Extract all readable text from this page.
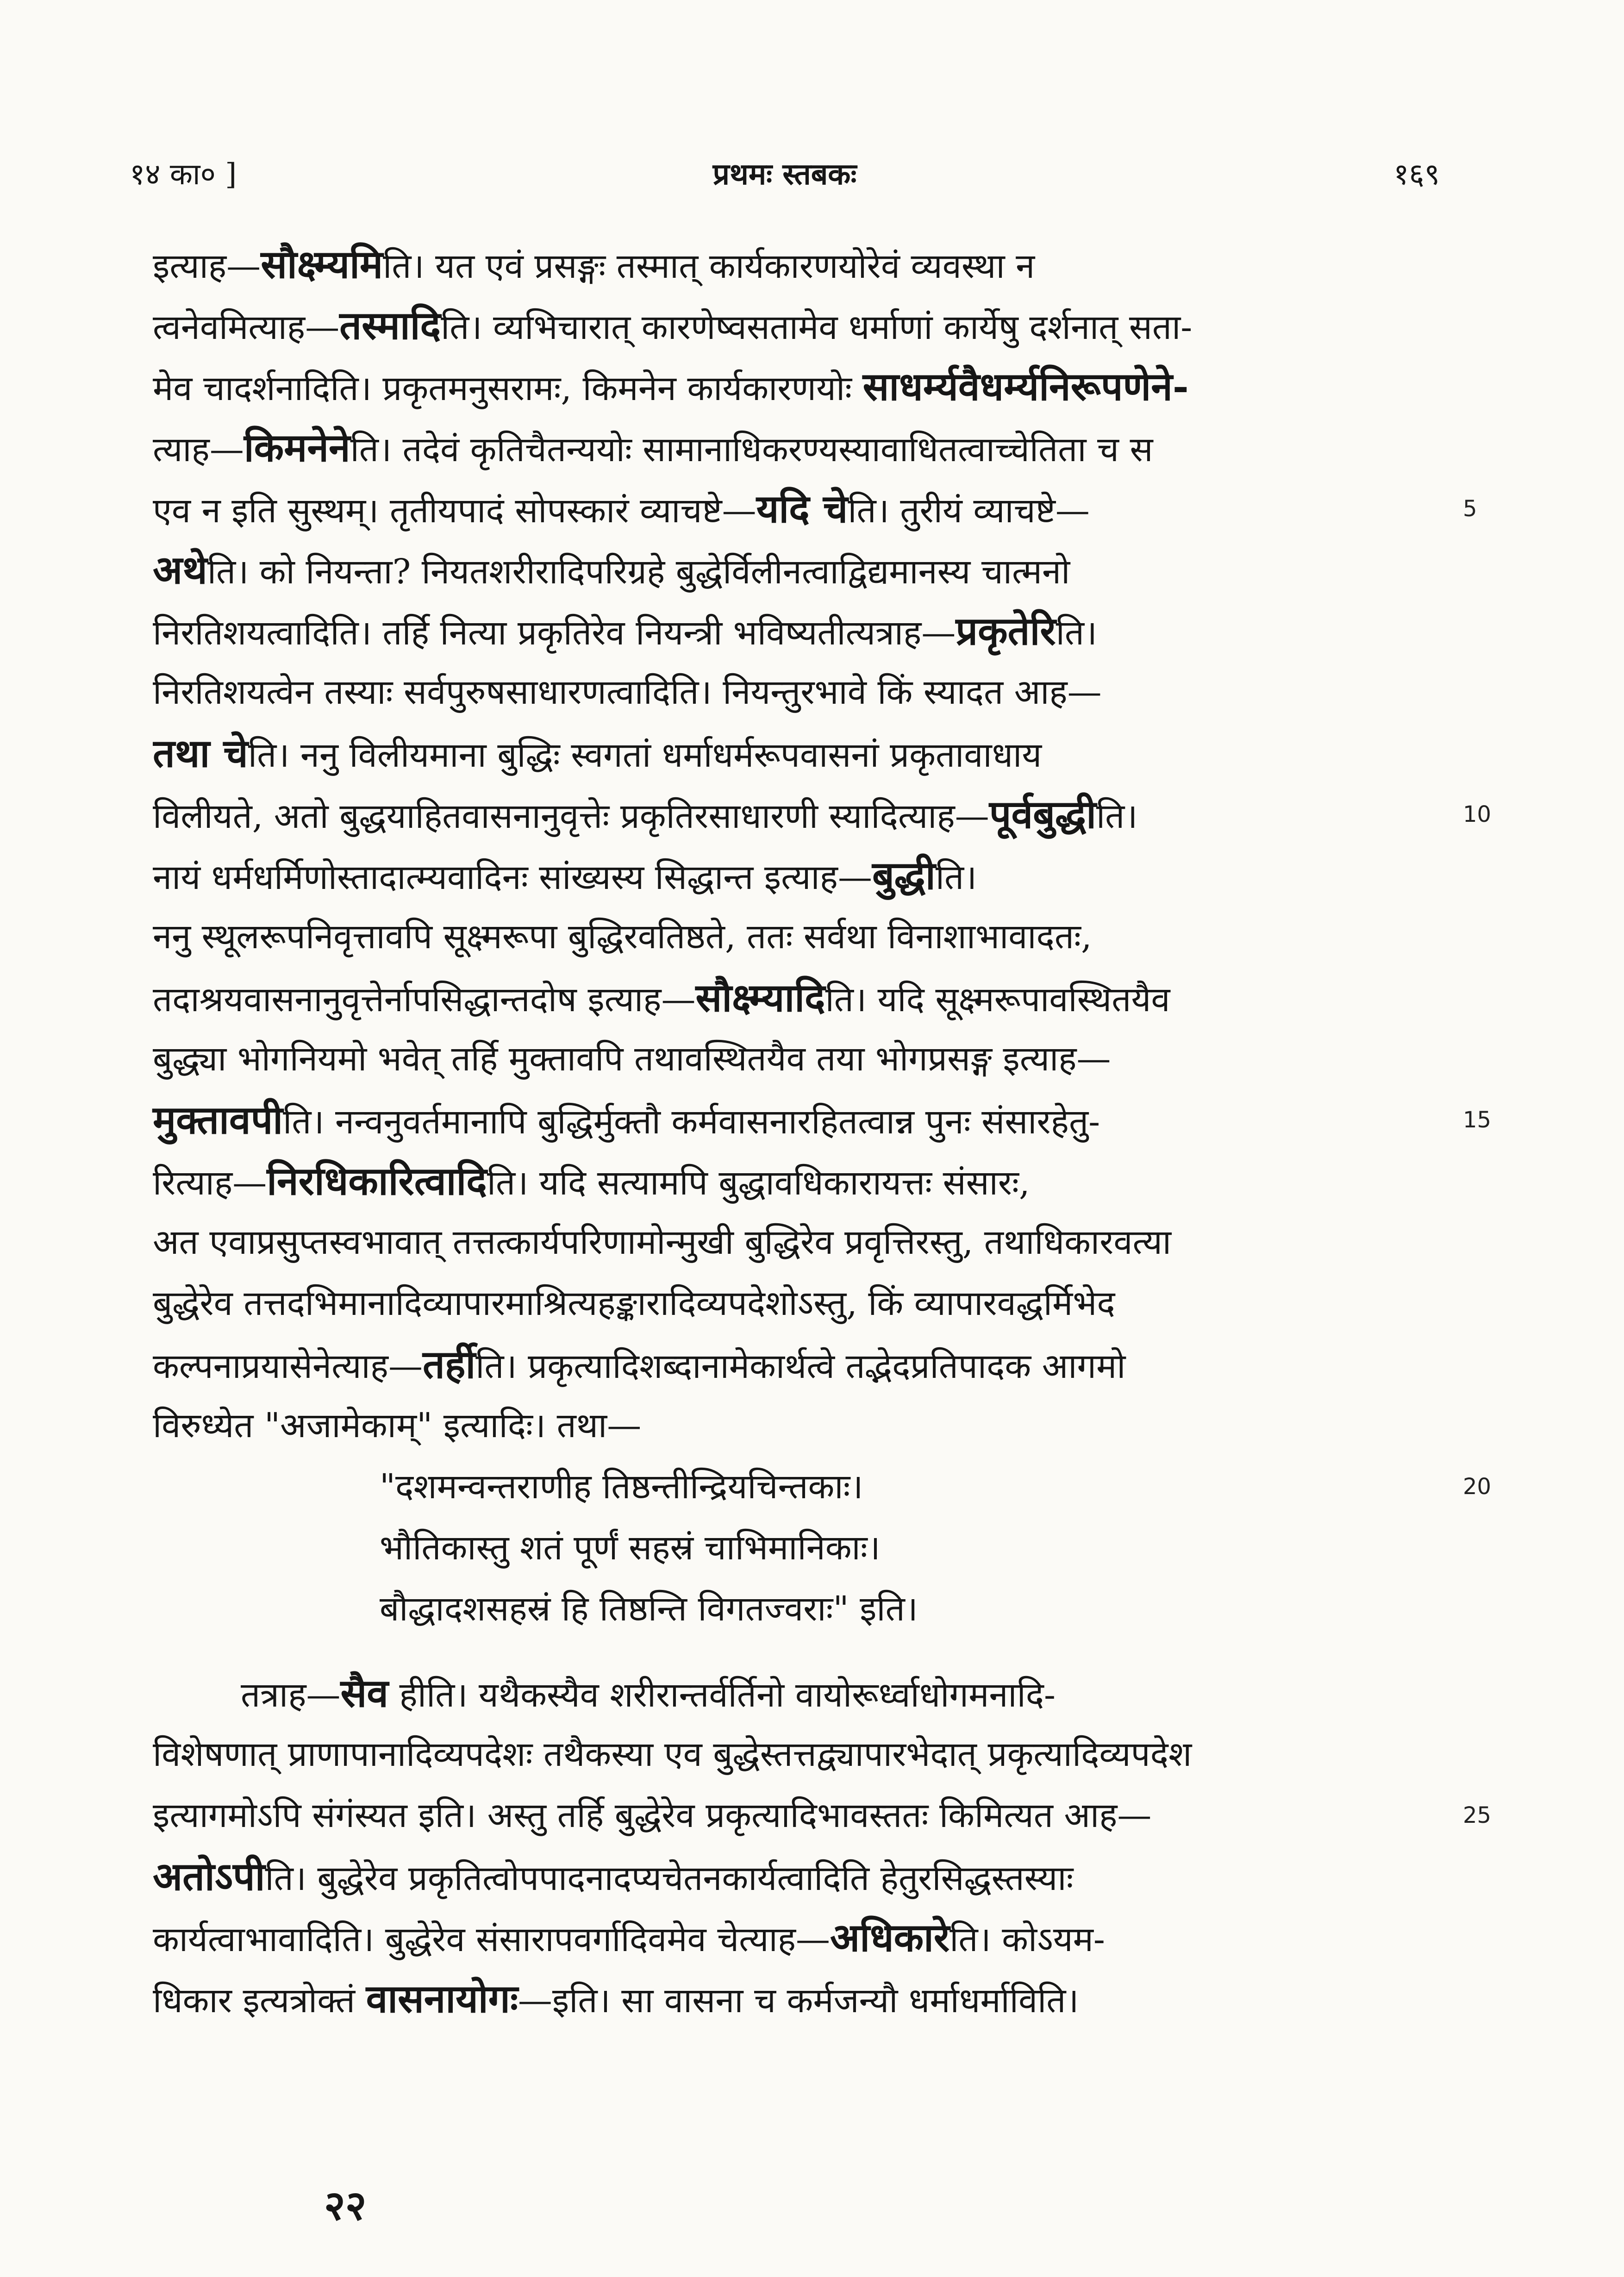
१४ का० ]	प्रथमः स्तबकः	१६९
इत्याह—सौक्ष्म्यमिति। यत एवं प्रसङ्गः तस्मात् कार्यकारणयोरेवं व्यवस्था न
त्वनेवमित्याह—तस्मादिति। व्यभिचारात् कारणेष्वसतामेव धर्माणां कार्येषु दर्शनात् सता-
मेव चादर्शनादिति। प्रकृतमनुसरामः, किमनेन कार्यकारणयोः साधर्म्यवैधर्म्यनिरूपणेने-
त्याह—किमनेनेति। तदेवं कृतिचैतन्ययोः सामानाधिकरण्यस्यावाधितत्वाच्चेतिता च स
एव न इति सुस्थम्। तृतीयपादं सोपस्कारं व्याचष्टे—यदि चेति। तुरीयं व्याचष्टे—	5
अथेति। को नियन्ता? नियतशरीरादिपरिग्रहे बुद्धेर्विलीनत्वाद्विद्यमानस्य चात्मनो
निरतिशयत्वादिति। तर्हि नित्या प्रकृतिरेव नियन्त्री भविष्यतीत्यत्राह—प्रकृतेरिति।
निरतिशयत्वेन तस्याः सर्वपुरुषसाधारणत्वादिति। नियन्तुरभावे किं स्यादत आह—
तथा चेति। ननु विलीयमाना बुद्धिः स्वगतां धर्माधर्मरूपवासनां प्रकृतावाधाय
विलीयते, अतो बुद्धयाहितवासनानुवृत्तेः प्रकृतिरसाधारणी स्यादित्याह—पूर्वबुद्धीति।	10
नायं धर्मधर्मिणोस्तादात्म्यवादिनः सांख्यस्य सिद्धान्त इत्याह—बुद्धीति।
ननु स्थूलरूपनिवृत्तावपि सूक्ष्मरूपा बुद्धिरवतिष्ठते, ततः सर्वथा विनाशाभावादतः,
तदाश्रयवासनानुवृत्तेर्नापसिद्धान्तदोष इत्याह—सौक्ष्म्यादिति। यदि सूक्ष्मरूपावस्थितयैव
बुद्ध्या भोगनियमो भवेत् तर्हि मुक्तावपि तथावस्थितयैव तया भोगप्रसङ्ग इत्याह—
मुक्तावपीति। नन्वनुवर्तमानापि बुद्धिर्मुक्तौ कर्मवासनारहितत्वान्न पुनः संसारहेतु-	15
रित्याह—निरधिकारित्वादिति। यदि सत्यामपि बुद्धावधिकारायत्तः संसारः,
अत एवाप्रसुप्तस्वभावात् तत्तत्कार्यपरिणामोन्मुखी बुद्धिरेव प्रवृत्तिरस्तु, तथाधिकारवत्या
बुद्धेरेव तत्तदभिमानादिव्यापारमाश्रित्यहङ्कारादिव्यपदेशोऽस्तु, किं व्यापारवद्धर्मिभेद
कल्पनाप्रयासेनेत्याह—तर्हीति। प्रकृत्यादिशब्दानामेकार्थत्वे तद्भेदप्रतिपादक आगमो
विरुध्येत "अजामेकाम्" इत्यादिः। तथा—
"दशमन्वन्तराणीह तिष्ठन्तीन्द्रियचिन्तकाः।	20
भौतिकास्तु शतं पूर्णं सहस्रं चाभिमानिकाः।
बौद्धादशसहस्रं हि तिष्ठन्ति विगतज्वराः" इति।
तत्राह—सैव हीति। यथैकस्यैव शरीरान्तर्वर्तिनो वायोरूर्ध्वाधोगमनादि-
विशेषणात् प्राणापानादिव्यपदेशः तथैकस्या एव बुद्धेस्तत्तद्व्यापारभेदात् प्रकृत्यादिव्यपदेश
इत्यागमोऽपि संगंस्यत इति। अस्तु तर्हि बुद्धेरेव प्रकृत्यादिभावस्ततः किमित्यत आह—	25
अतोऽपीति। बुद्धेरेव प्रकृतित्वोपपादनादप्यचेतनकार्यत्वादिति हेतुरसिद्धस्तस्याः
कार्यत्वाभावादिति। बुद्धेरेव संसारापवर्गादिवमेव चेत्याह—अधिकारेति। कोऽयम-
धिकार इत्यत्रोक्तं वासनायोगः—इति। सा वासना च कर्मजन्यौ धर्माधर्माविति।
२२
